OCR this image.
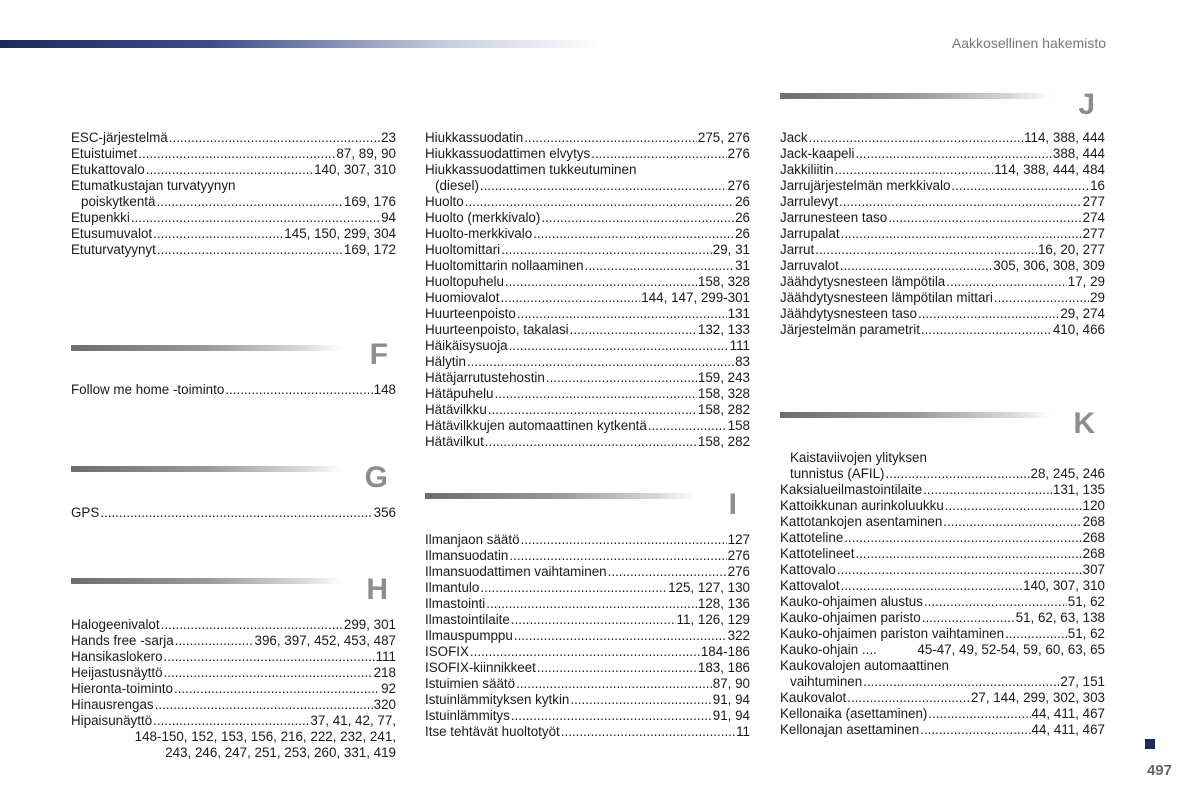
Aakkosellinen hakemisto
ESC-järjestelmä .....	23
Etuistuimet .....	87, 89, 90
Etukattovalo .....	140, 307, 310
Etumatkustajan turvatyynyn
poiskytkentä .....	169, 176
Etupenkki .....	94
Etusumuvalot .....	145, 150, 299, 304
Etuturvatyynyt .....	169, 172
F
Follow me home -toiminto .....	148
G
GPS .....	356
H
Halogeenivalot .....	299, 301
Hands free -sarja .....	396, 397, 452, 453, 487
Hansikaslokero .....	111
Heijastusnäyttö .....	218
Hieronta-toiminto .....	92
Hinausrengas .....	320
Hipaisunäyttö .....	37, 41, 42, 77,
148-150, 152, 153, 156, 216, 222, 232, 241,
243, 246, 247, 251, 253, 260, 331, 419
Hiukkassuodatin .....	275, 276
Hiukkassuodattimen elvytys .....	276
Hiukkassuodattimen tukkeutuminen
(diesel) .....	276
Huolto .....	26
Huolto (merkkivalo) .....	26
Huolto-merkkivalo .....	26
Huoltomittari .....	29, 31
Huoltomittarin nollaaminen .....	31
Huoltopuhelu .....	158, 328
Huomiovalot .....	144, 147, 299-301
Huurteenpoisto .....	131
Huurteenpoisto, takalasi .....	132, 133
Häikäisysuoja .....	111
Hälytin .....	83
Hätäjarrutustehostin .....	159, 243
Hätäpuhelu .....	158, 328
Hätävilkku .....	158, 282
Hätävilkkujen automaattinen kytkentä .....	158
Hätävilkut .....	158, 282
I
Ilmanjaon säätö .....	127
Ilmansuodatin .....	276
Ilmansuodattimen vaihtaminen .....	276
Ilmantulo .....	125, 127, 130
Ilmastointi .....	128, 136
Ilmastointilaite .....	11, 126, 129
Ilmauspumppu .....	322
ISOFIX .....	184-186
ISOFIX-kiinnikkeet .....	183, 186
Istuimien säätö .....	87, 90
Istuinlämmityksen kytkin .....	91, 94
Istuinlämmitys .....	91, 94
Itse tehtävät huoltotyöt .....	11
J
Jack .....	114, 388, 444
Jack-kaapeli .....	388, 444
Jakkiliitin .....	114, 388, 444, 484
Jarrujärjestelmän merkkivalo .....	16
Jarrulevyt .....	277
Jarrunesteen taso .....	274
Jarrupalat .....	277
Jarrut .....	16, 20, 277
Jarruvalot .....	305, 306, 308, 309
Jäähdytysnesteen lämpötila .....	17, 29
Jäähdytysnesteen lämpötilan mittari .....	29
Jäähdytysnesteen taso .....	29, 274
Järjestelmän parametrit .....	410, 466
K
Kaistaviivojen ylityksen
tunnistus (AFIL) .....	28, 245, 246
Kaksialueilmastointilaite .....	131, 135
Kattoikkunan aurinkoluukku .....	120
Kattotankojen asentaminen .....	268
Kattoteline .....	268
Kattotelineet .....	268
Kattovalo .....	307
Kattovalot .....	140, 307, 310
Kauko-ohjaimen alustus .....	51, 62
Kauko-ohjaimen paristo .....	51, 62, 63, 138
Kauko-ohjaimen pariston vaihtaminen .....	51, 62
Kauko-ohjain ....	45-47, 49, 52-54, 59, 60, 63, 65
Kaukovalojen automaattinen
vaihtuminen .....	27, 151
Kaukovalot .....	27, 144, 299, 302, 303
Kellonaika (asettaminen) .....	44, 411, 467
Kellonajan asettaminen .....	44, 411, 467
497
